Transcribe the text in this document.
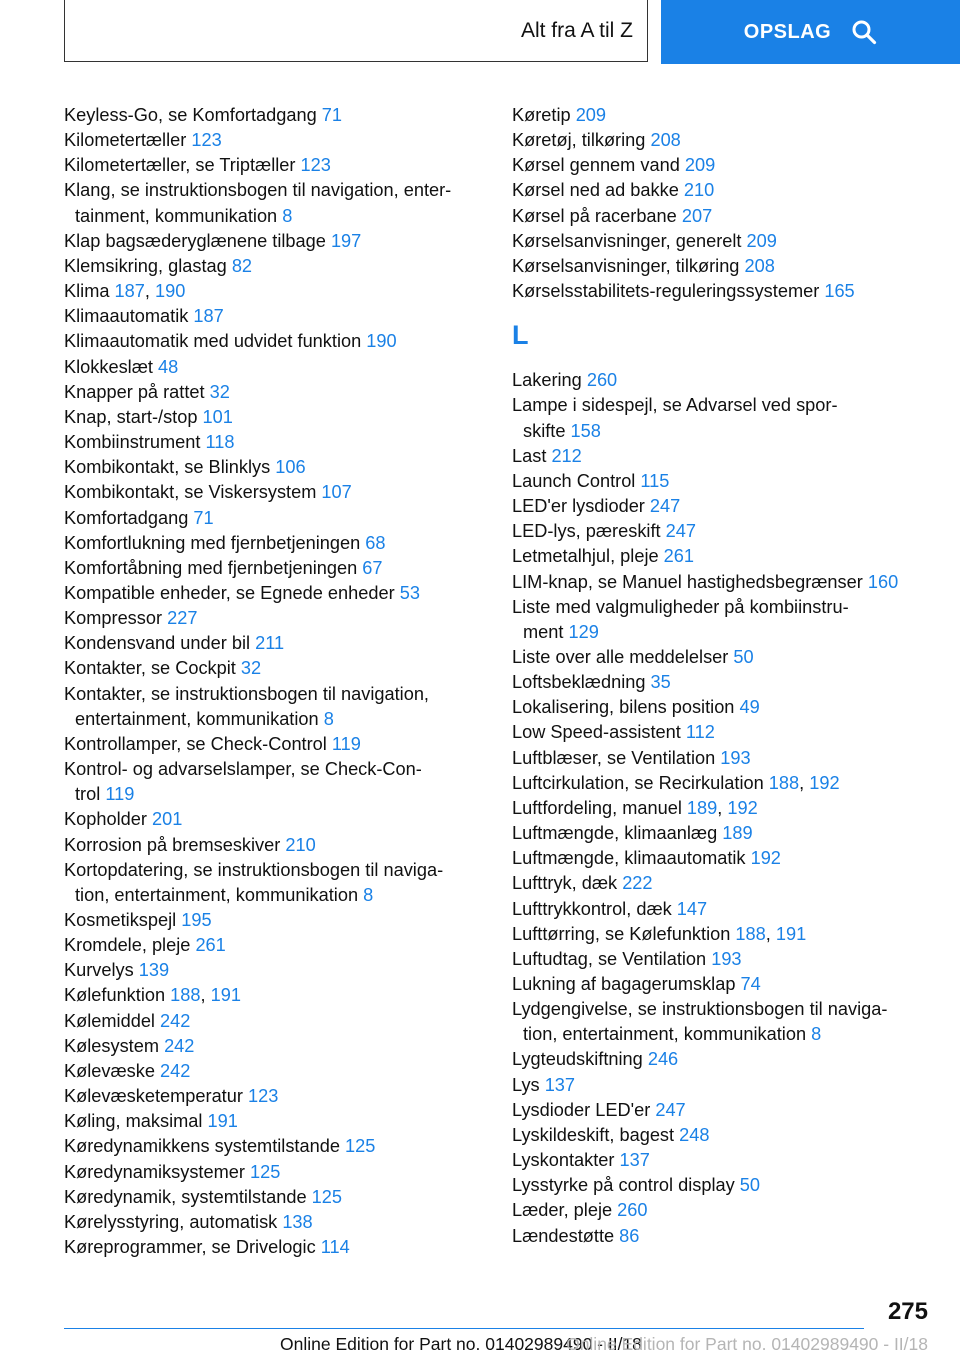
Alt fra A til Z	OPSLAG
Keyless-Go, se Komfortadgang 71
Kilometertæller 123
Kilometertæller, se Triptæller 123
Klang, se instruktionsbogen til navigation, enter-
tainment, kommunikation 8
Klap bagsæderyglænene tilbage 197
Klemsikring, glastag 82
Klima 187, 190
Klimaautomatik 187
Klimaautomatik med udvidet funktion 190
Klokkeslæt 48
Knapper på rattet 32
Knap, start-/stop 101
Kombiinstrument 118
Kombikontakt, se Blinklys 106
Kombikontakt, se Viskersystem 107
Komfortadgang 71
Komfortlukning med fjernbetjeningen 68
Komfortåbning med fjernbetjeningen 67
Kompatible enheder, se Egnede enheder 53
Kompressor 227
Kondensvand under bil 211
Kontakter, se Cockpit 32
Kontakter, se instruktionsbogen til navigation,
entertainment, kommunikation 8
Kontrollamper, se Check-Control 119
Kontrol- og advarselslamper, se Check-Con-
trol 119
Kopholder 201
Korrosion på bremseskiver 210
Kortopdatering, se instruktionsbogen til naviga-
tion, entertainment, kommunikation 8
Kosmetikspejl 195
Kromdele, pleje 261
Kurvelys 139
Kølefunktion 188, 191
Kølemiddel 242
Kølesystem 242
Kølevæske 242
Kølevæsketemperatur 123
Køling, maksimal 191
Køredynamikkens systemtilstande 125
Køredynamiksystemer 125
Køredynamik, systemtilstande 125
Kørelysstyring, automatisk 138
Køreprogrammer, se Drivelogic 114
Køretip 209
Køretøj, tilkøring 208
Kørsel gennem vand 209
Kørsel ned ad bakke 210
Kørsel på racerbane 207
Kørselsanvisninger, generelt 209
Kørselsanvisninger, tilkøring 208
Kørselsstabilitets-reguleringssystemer 165
L
Lakering 260
Lampe i sidespejl, se Advarsel ved spor-
skifte 158
Last 212
Launch Control 115
LED'er lysdioder 247
LED-lys, pæreskift 247
Letmetalhjul, pleje 261
LIM-knap, se Manuel hastighedsbegrænser 160
Liste med valgmuligheder på kombiinstru-
ment 129
Liste over alle meddelelser 50
Loftsbeklædning 35
Lokalisering, bilens position 49
Low Speed-assistent 112
Luftblæser, se Ventilation 193
Luftcirkulation, se Recirkulation 188, 192
Luftfordeling, manuel 189, 192
Luftmængde, klimaanlæg 189
Luftmængde, klimaautomatik 192
Lufttryk, dæk 222
Lufttrykkontrol, dæk 147
Lufttørring, se Kølefunktion 188, 191
Luftudtag, se Ventilation 193
Lukning af bagagerumsklap 74
Lydgengivelse, se instruktionsbogen til naviga-
tion, entertainment, kommunikation 8
Lygteudskiftning 246
Lys 137
Lysdioder LED'er 247
Lyskildeskift, bagest 248
Lyskontakter 137
Lysstyrke på control display 50
Læder, pleje 260
Lændestøtte 86
275
Online Edition for Part no. 01402989490 - II/18
Online Edition for Part no. 01402989490 - II/18
